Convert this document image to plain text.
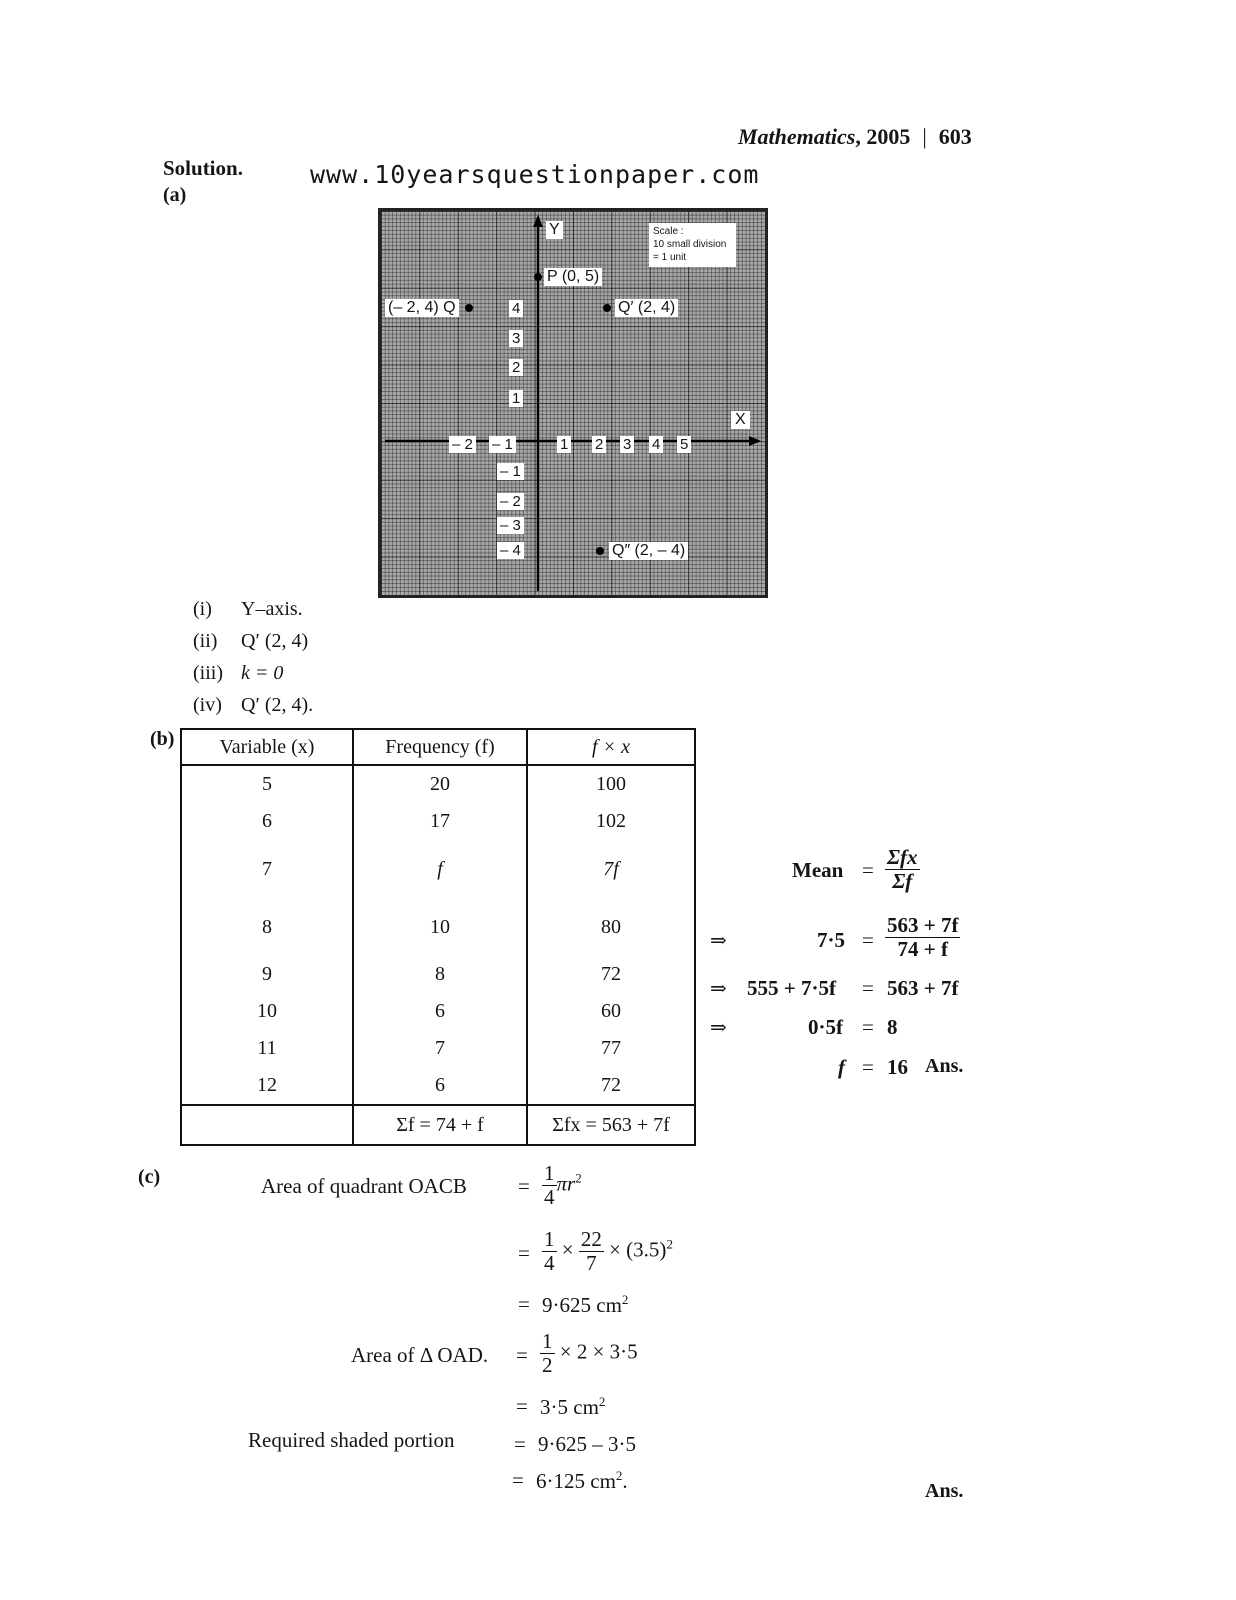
Mathematics, 2005 | 603
www.10yearsquestionpaper.com
Solution.
(a)
Scale :
10 small division
= 1 unit
Y
X
P (0, 5)
(– 2, 4) Q	Q′ (2, 4)
Q″ (2, – 4)
4
3
2
1
– 1
– 2
– 3
– 4
– 2 – 1	1 2 3 4 5
(i) Y–axis.
(ii) Q′ (2, 4)
(iii) k = 0
(iv) Q′ (2, 4).
(b) Variable (x)	Frequency (f)	f × x
5	20	100
6	17	102
7	f	7f
8	10	80
9	8	72
10	6	60
11	7	77
12	6	72
	Σf = 74 + f	Σfx = 563 + 7f
Mean = $\frac{\text{Σfx}}{\Sigma f}$
⇒	$7\cdot 5 = \frac{563 + 7f}{74 + f}$
⇒ 555 + 7·5f = 563 + 7f
⇒	0·5f = 8
f = 16 Ans.
(c)	Area of quadrant OACB = $\frac{1}{4} \pi r^2$
= $\frac{1}{4} \times \frac{22}{7} \times (3.5)^2$
= 9·625 $cm^2$
Area of Δ OAD. = $\frac{1}{2} \times 2 \times 3\cdot 5$
= 3·5 $cm^2$
Required shaded portion	= 9·625 – 3·5
= 6·125 $cm^2$.	Ans.
